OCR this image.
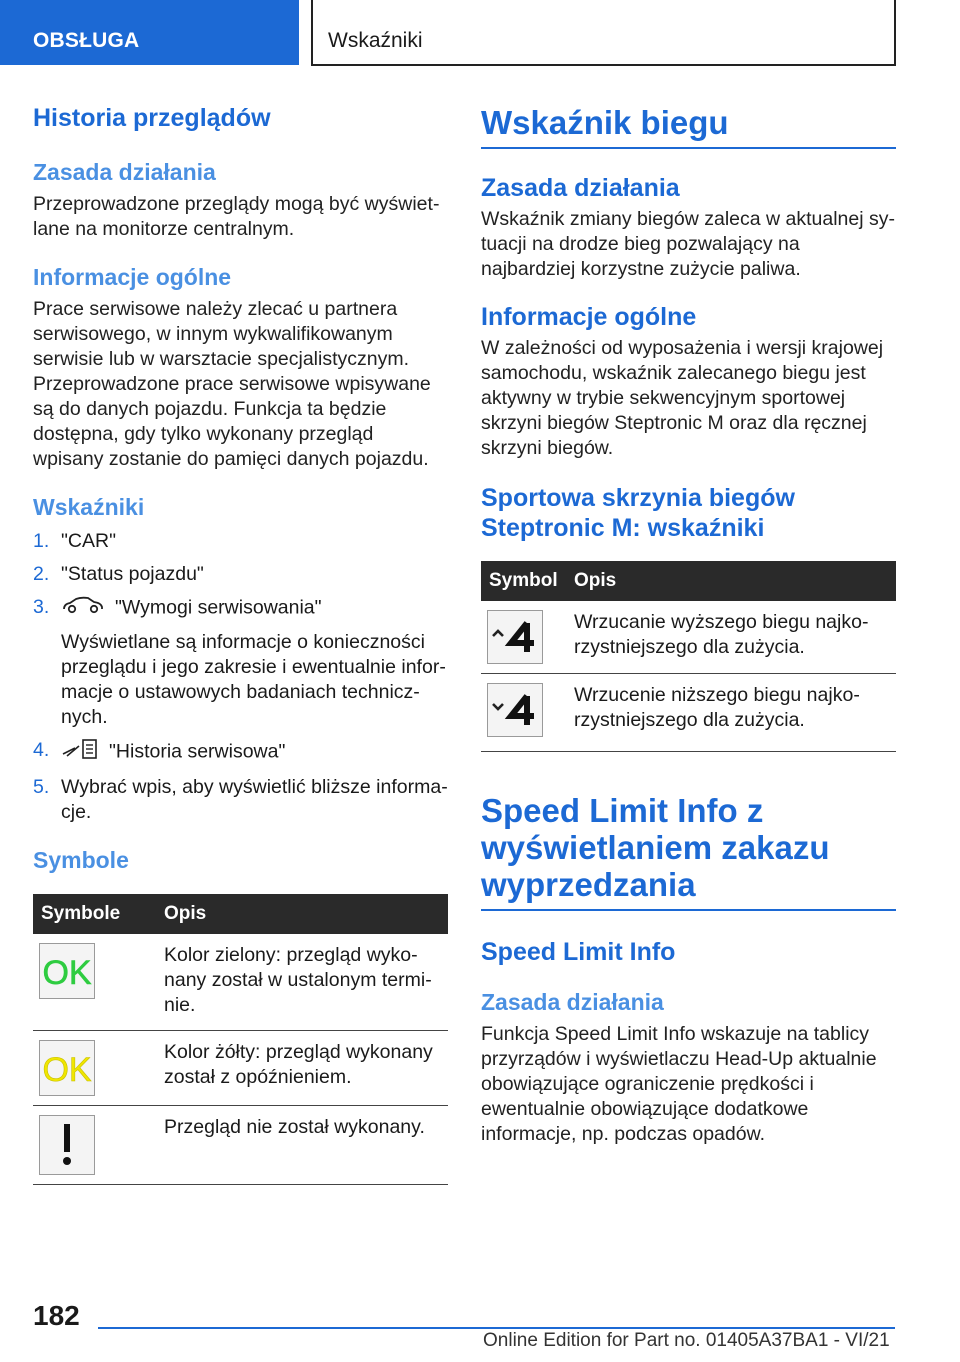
OBSŁUGA	Wskaźniki
Historia przeglądów
Zasada działania

Przeprowadzone przeglądy mogą być wyświetlane na monitorze centralnym.

Informacje ogólne

Prace serwisowe należy zlecać u partnera serwisowego, w innym wykwalifikowanym serwisie lub w warsztacie specjalistycznym. Przeprowadzone prace serwisowe wpisywane są do danych pojazdu. Funkcja ta będzie dostępna, gdy tylko wykonany przegląd wpisany zostanie do pamięci danych pojazdu.

Wskaźniki
1. "CAR"
2. "Status pojazdu"
3.	"Wymogi serwisowania"
Wyświetlane są informacje o konieczności przeglądu i jego zakresie i ewentualnie informacje o ustawowych badaniach technicznych.
4.	"Historia serwisowa"
5. Wybrać wpis, aby wyświetlić bliższe informacje.
Symbole
Symbole	Opis

OK	Kolor zielony: przegląd wykonany został w ustalonym terminie.

OK	Kolor żółty: przegląd wykonany został z opóźnieniem.

	Przegląd nie został wykonany.
Wskaźnik biegu
Zasada działania

Wskaźnik zmiany biegów zaleca w aktualnej sytuacji na drodze bieg pozwalający na najbardziej korzystne zużycie paliwa.

Informacje ogólne

W zależności od wyposażenia i wersji krajowej samochodu, wskaźnik zalecanego biegu jest aktywny w trybie sekwencyjnym sportowej skrzyni biegów Steptronic M oraz dla ręcznej skrzyni biegów.

Sportowa skrzynia biegów Steptronic M: wskaźniki
Symbol	Opis

	Wrzucanie wyższego biegu najkorzystniejszego dla zużycia.

	Wrzucenie niższego biegu najkorzystniejszego dla zużycia.
Speed Limit Info z wyświetlaniem zakazu wyprzedzania
Speed Limit Info
Zasada działania

Funkcja Speed Limit Info wskazuje na tablicy przyrządów i wyświetlaczu Head-Up aktualnie obowiązujące ograniczenie prędkości i ewentualnie obowiązujące dodatkowe informacje, np. podczas opadów.

182
Online Edition for Part no. 01405A37BA1 - VI/21
